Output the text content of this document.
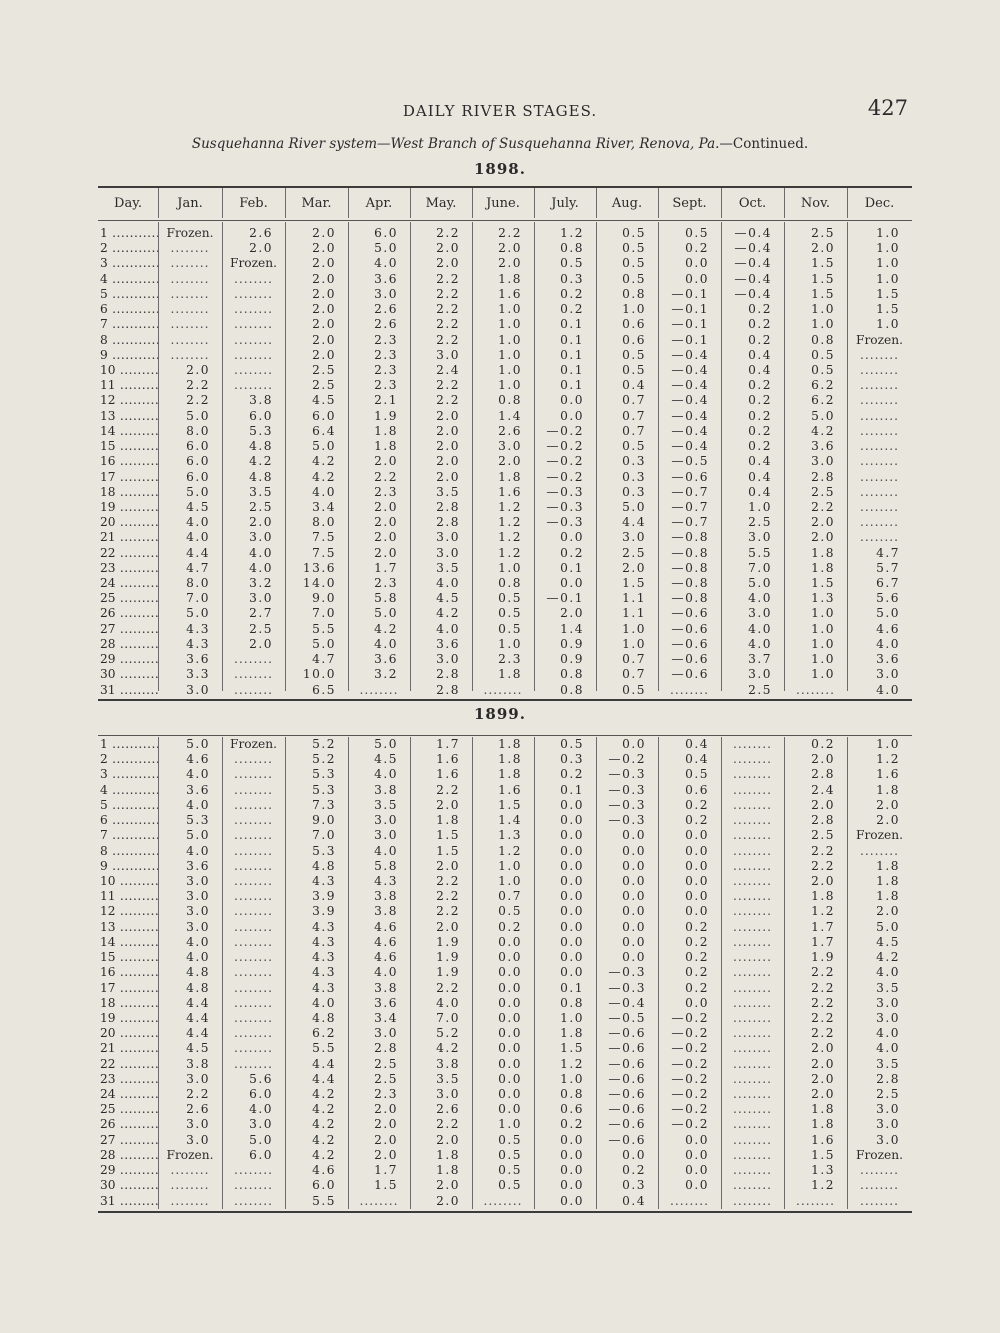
DAILY RIVER STAGES.	427
Susquehanna River system—West Branch of Susquehanna River, Renova, Pa.—Continued.
1898.
Day.	Jan.	Feb.	Mar.	Apr.	May.	June.	July.	Aug.	Sept.	Oct.	Nov.	Dec.
1 .....	Frozen.	2.6	2.0	6.0	2.2	2.2	1.2	0.5	0.5	—0.4	2.5	1.0
2 .....	........	2.0	2.0	5.0	2.0	2.0	0.8	0.5	0.2	—0.4	2.0	1.0
3 .....	........	Frozen.	2.0	4.0	2.0	2.0	0.5	0.5	0.0	—0.4	1.5	1.0
4 .....	........	........	2.0	3.6	2.2	1.8	0.3	0.5	0.0	—0.4	1.5	1.0
5 .....	........	........	2.0	3.0	2.2	1.6	0.2	0.8	—0.1	—0.4	1.5	1.5
6 .....	........	........	2.0	2.6	2.2	1.0	0.2	1.0	—0.1	0.2	1.0	1.5
7 .....	........	........	2.0	2.6	2.2	1.0	0.1	0.6	—0.1	0.2	1.0	1.0
8 .....	........	........	2.0	2.3	2.2	1.0	0.1	0.6	—0.1	0.2	0.8	Frozen.
9 .....	........	........	2.0	2.3	3.0	1.0	0.1	0.5	—0.4	0.4	0.5	........
10 .....	2.0	........	2.5	2.3	2.4	1.0	0.1	0.5	—0.4	0.4	0.5	........
11 .....	2.2	........	2.5	2.3	2.2	1.0	0.1	0.4	—0.4	0.2	6.2	........
12 .....	2.2	3.8	4.5	2.1	2.2	0.8	0.0	0.7	—0.4	0.2	6.2	........
13 .....	5.0	6.0	6.0	1.9	2.0	1.4	0.0	0.7	—0.4	0.2	5.0	........
14 .....	8.0	5.3	6.4	1.8	2.0	2.6	—0.2	0.7	—0.4	0.2	4.2	........
15 .....	6.0	4.8	5.0	1.8	2.0	3.0	—0.2	0.5	—0.4	0.2	3.6	........
16 .....	6.0	4.2	4.2	2.0	2.0	2.0	—0.2	0.3	—0.5	0.4	3.0	........
17 .....	6.0	4.8	4.2	2.2	2.0	1.8	—0.2	0.3	—0.6	0.4	2.8	........
18 .....	5.0	3.5	4.0	2.3	3.5	1.6	—0.3	0.3	—0.7	0.4	2.5	........
19 .....	4.5	2.5	3.4	2.0	2.8	1.2	—0.3	5.0	—0.7	1.0	2.2	........
20 .....	4.0	2.0	8.0	2.0	2.8	1.2	—0.3	4.4	—0.7	2.5	2.0	........
21 .....	4.0	3.0	7.5	2.0	3.0	1.2	0.0	3.0	—0.8	3.0	2.0	........
22 .....	4.4	4.0	7.5	2.0	3.0	1.2	0.2	2.5	—0.8	5.5	1.8	4.7
23 .....	4.7	4.0	13.6	1.7	3.5	1.0	0.1	2.0	—0.8	7.0	1.8	5.7
24 .....	8.0	3.2	14.0	2.3	4.0	0.8	0.0	1.5	—0.8	5.0	1.5	6.7
25 .....	7.0	3.0	9.0	5.8	4.5	0.5	—0.1	1.1	—0.8	4.0	1.3	5.6
26 .....	5.0	2.7	7.0	5.0	4.2	0.5	2.0	1.1	—0.6	3.0	1.0	5.0
27 .....	4.3	2.5	5.5	4.2	4.0	0.5	1.4	1.0	—0.6	4.0	1.0	4.6
28 .....	4.3	2.0	5.0	4.0	3.6	1.0	0.9	1.0	—0.6	4.0	1.0	4.0
29 .....	3.6	........	4.7	3.6	3.0	2.3	0.9	0.7	—0.6	3.7	1.0	3.6
30 .....	3.3	........	10.0	3.2	2.8	1.8	0.8	0.7	—0.6	3.0	1.0	3.0
31 .....	3.0	........	6.5	........	2.8	........	0.8	0.5	........	2.5	........	4.0
1 .....	5.0	Frozen.	5.2	5.0	1.7	1.8	0.5	0.0	0.4	........	0.2	1.0
2 .....	4.6	........	5.2	4.5	1.6	1.8	0.3	—0.2	0.4	........	2.0	1.2
3 .....	4.0	........	5.3	4.0	1.6	1.8	0.2	—0.3	0.5	........	2.8	1.6
4 .....	3.6	........	5.3	3.8	2.2	1.6	0.1	—0.3	0.6	........	2.4	1.8
5 .....	4.0	........	7.3	3.5	2.0	1.5	0.0	—0.3	0.2	........	2.0	2.0
6 .....	5.3	........	9.0	3.0	1.8	1.4	0.0	—0.3	0.2	........	2.8	2.0
7 .....	5.0	........	7.0	3.0	1.5	1.3	0.0	0.0	0.0	........	2.5	Frozen.
8 .....	4.0	........	5.3	4.0	1.5	1.2	0.0	0.0	0.0	........	2.2	........
9 .....	3.6	........	4.8	5.8	2.0	1.0	0.0	0.0	0.0	........	2.2	1.8
10 .....	3.0	........	4.3	4.3	2.2	1.0	0.0	0.0	0.0	........	2.0	1.8
11 .....	3.0	........	3.9	3.8	2.2	0.7	0.0	0.0	0.0	........	1.8	1.8
12 .....	3.0	........	3.9	3.8	2.2	0.5	0.0	0.0	0.0	........	1.2	2.0
13 .....	3.0	........	4.3	4.6	2.0	0.2	0.0	0.0	0.2	........	1.7	5.0
14 .....	4.0	........	4.3	4.6	1.9	0.0	0.0	0.0	0.2	........	1.7	4.5
15 .....	4.0	........	4.3	4.6	1.9	0.0	0.0	0.0	0.2	........	1.9	4.2
16 .....	4.8	........	4.3	4.0	1.9	0.0	0.0	—0.3	0.2	........	2.2	4.0
17 .....	4.8	........	4.3	3.8	2.2	0.0	0.1	—0.3	0.2	........	2.2	3.5
18 .....	4.4	........	4.0	3.6	4.0	0.0	0.8	—0.4	0.0	........	2.2	3.0
19 .....	4.4	........	4.8	3.4	7.0	0.0	1.0	—0.5	—0.2	........	2.2	3.0
20 .....	4.4	........	6.2	3.0	5.2	0.0	1.8	—0.6	—0.2	........	2.2	4.0
21 .....	4.5	........	5.5	2.8	4.2	0.0	1.5	—0.6	—0.2	........	2.0	4.0
22 .....	3.8	........	4.4	2.5	3.8	0.0	1.2	—0.6	—0.2	........	2.0	3.5
23 .....	3.0	5.6	4.4	2.5	3.5	0.0	1.0	—0.6	—0.2	........	2.0	2.8
24 .....	2.2	6.0	4.2	2.3	3.0	0.0	0.8	—0.6	—0.2	........	2.0	2.5
25 .....	2.6	4.0	4.2	2.0	2.6	0.0	0.6	—0.6	—0.2	........	1.8	3.0
26 .....	3.0	3.0	4.2	2.0	2.2	1.0	0.2	—0.6	—0.2	........	1.8	3.0
27 .....	3.0	5.0	4.2	2.0	2.0	0.5	0.0	—0.6	0.0	........	1.6	3.0
28 .....	Frozen.	6.0	4.2	2.0	1.8	0.5	0.0	0.0	0.0	........	1.5	Frozen.
29 .....	........	........	4.6	1.7	1.8	0.5	0.0	0.2	0.0	........	1.3	........
30 .....	........	........	6.0	1.5	2.0	0.5	0.0	0.3	0.0	........	1.2	........
31 .....	........	........	5.5	........	2.0	........	0.0	0.4	........	........	........	........
1899.
